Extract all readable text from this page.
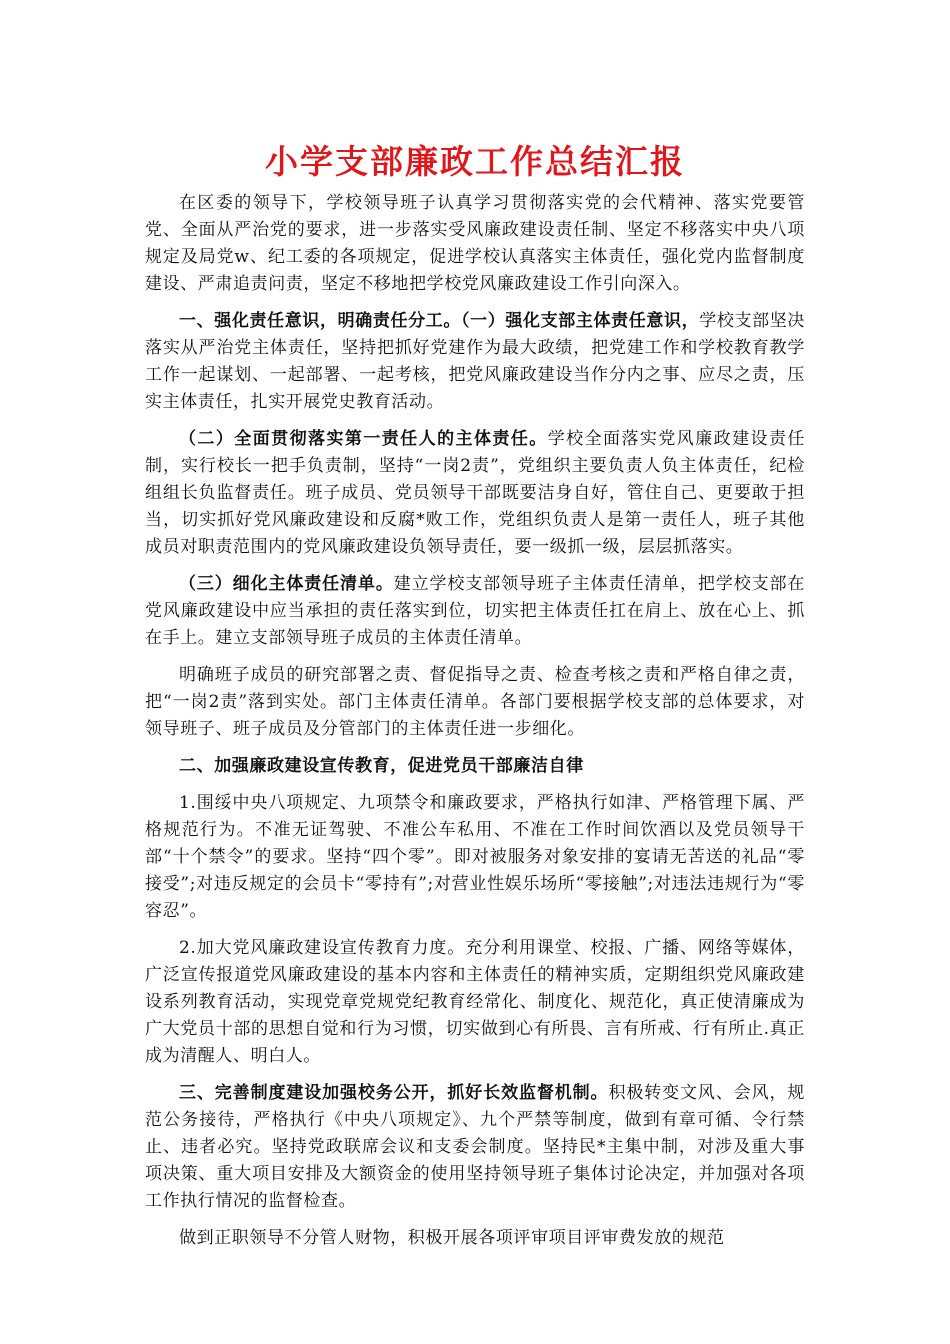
小学支部廉政工作总结汇报

在区委的领导下，学校领导班子认真学习贯彻落实党的会代精神、落实党要管党、全面从严治党的要求，进一步落实受风廉政建设责任制、坚定不移落实中央八项规定及局党w、纪工委的各项规定，促进学校认真落实主体责任，强化党内监督制度建设、严肃追责问责，坚定不移地把学校党风廉政建设工作引向深入。

一、强化责任意识，明确责任分工。（一）强化支部主体责任意识，学校支部坚决落实从严治党主体责任，坚持把抓好党建作为最大政绩，把党建工作和学校教育教学工作一起谋划、一起部署、一起考核，把党风廉政建设当作分内之事、应尽之责，压实主体责任，扎实开展党史教育活动。

（二）全面贯彻落实第一责任人的主体责任。学校全面落实党风廉政建设责任制，实行校长一把手负责制，坚持“一岗2责”，党组织主要负责人负主体责任，纪检组组长负监督责任。班子成员、党员领导干部既要洁身自好，管住自己、更要敢于担当，切实抓好党风廉政建设和反腐*败工作，党组织负责人是第一责任人，班子其他成员对职责范围内的党风廉政建设负领导责任，要一级抓一级，层层抓落实。

（三）细化主体责任清单。建立学校支部领导班子主体责任清单，把学校支部在党风廉政建设中应当承担的责任落实到位，切实把主体责任扛在肩上、放在心上、抓在手上。建立支部领导班子成员的主体责任清单。

明确班子成员的研究部署之责、督促指导之责、检查考核之责和严格自律之责，把“一岗2责”落到实处。部门主体责任清单。各部门要根据学校支部的总体要求，对领导班子、班子成员及分管部门的主体责任进一步细化。

二、加强廉政建设宣传教育，促进党员干部廉洁自律

1.围绥中央八项规定、九项禁令和廉政要求，严格执行如津、严格管理下属、严格规范行为。不准无证驾驶、不准公车私用、不准在工作时间饮酒以及党员领导干部“十个禁令”的要求。坚持“四个零”。即对被服务对象安排的宴请无苦送的礼品“零接受”;对违反规定的会员卡“零持有”;对营业性娱乐场所“零接触”;对违法违规行为“零容忍”。

2.加大党风廉政建设宣传教育力度。充分利用课堂、校报、广播、网络等媒体，广泛宣传报道党风廉政建设的基本内容和主体责任的精神实质，定期组织党风廉政建设系列教育活动，实现党章党规党纪教育经常化、制度化、规范化，真正使清廉成为广大党员十部的思想自觉和行为习惯，切实做到心有所畏、言有所戒、行有所止.真正成为清醒人、明白人。

三、完善制度建设加强校务公开，抓好长效监督机制。积极转变文风、会风，规范公务接待，严格执行《中央八项规定》、九个严禁等制度，做到有章可循、令行禁止、违者必究。坚持党政联席会议和支委会制度。坚持民*主集中制，对涉及重大事项决策、重大项目安排及大额资金的使用坚持领导班子集体讨论决定，并加强对各项工作执行情况的监督检查。

做到正职领导不分管人财物，积极开展各项评审项目评审费发放的规范
